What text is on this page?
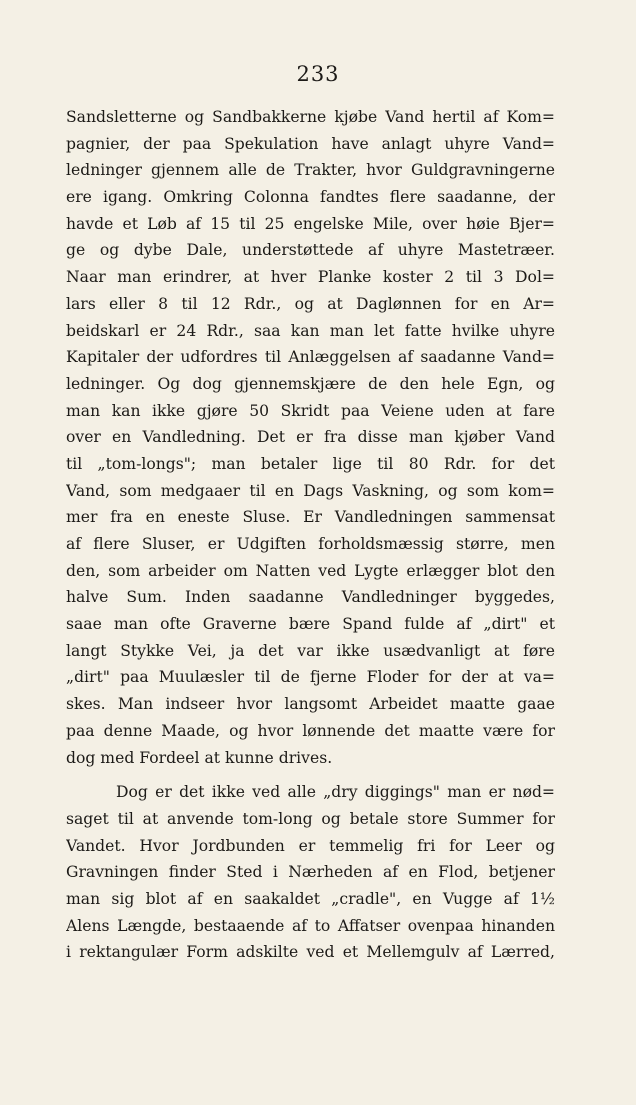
233
Sandsletterne og Sandbakkerne kjøbe Vand hertil af Kom=
pagnier, der paa Spekulation have anlagt uhyre Vand=
ledninger gjennem alle de Trakter, hvor Guldgravningerne
ere igang. Omkring Colonna fandtes flere saadanne, der
havde et Løb af 15 til 25 engelske Mile, over høie Bjer=
ge og dybe Dale, understøttede af uhyre Mastetræer.
Naar man erindrer, at hver Planke koster 2 til 3 Dol=
lars eller 8 til 12 Rdr., og at Daglønnen for en Ar=
beidskarl er 24 Rdr., saa kan man let fatte hvilke uhyre
Kapitaler der udfordres til Anlæggelsen af saadanne Vand=
ledninger. Og dog gjennemskjære de den hele Egn, og
man kan ikke gjøre 50 Skridt paa Veiene uden at fare
over en Vandledning. Det er fra disse man kjøber Vand
til „tom-longs"; man betaler lige til 80 Rdr. for det
Vand, som medgaaer til en Dags Vaskning, og som kom=
mer fra en eneste Sluse. Er Vandledningen sammensat
af flere Sluser, er Udgiften forholdsmæssig større, men
den, som arbeider om Natten ved Lygte erlægger blot den
halve Sum. Inden saadanne Vandledninger byggedes,
saae man ofte Graverne bære Spand fulde af „dirt" et
langt Stykke Vei, ja det var ikke usædvanligt at føre
„dirt" paa Muulæsler til de fjerne Floder for der at va=
skes. Man indseer hvor langsomt Arbeidet maatte gaae
paa denne Maade, og hvor lønnende det maatte være for
dog med Fordeel at kunne drives.
Dog er det ikke ved alle „dry diggings" man er nød=
saget til at anvende tom-long og betale store Summer for
Vandet. Hvor Jordbunden er temmelig fri for Leer og
Gravningen finder Sted i Nærheden af en Flod, betjener
man sig blot af en saakaldet „cradle", en Vugge af 1½
Alens Længde, bestaaende af to Affatser ovenpaa hinanden
i rektangulær Form adskilte ved et Mellemgulv af Lærred,
